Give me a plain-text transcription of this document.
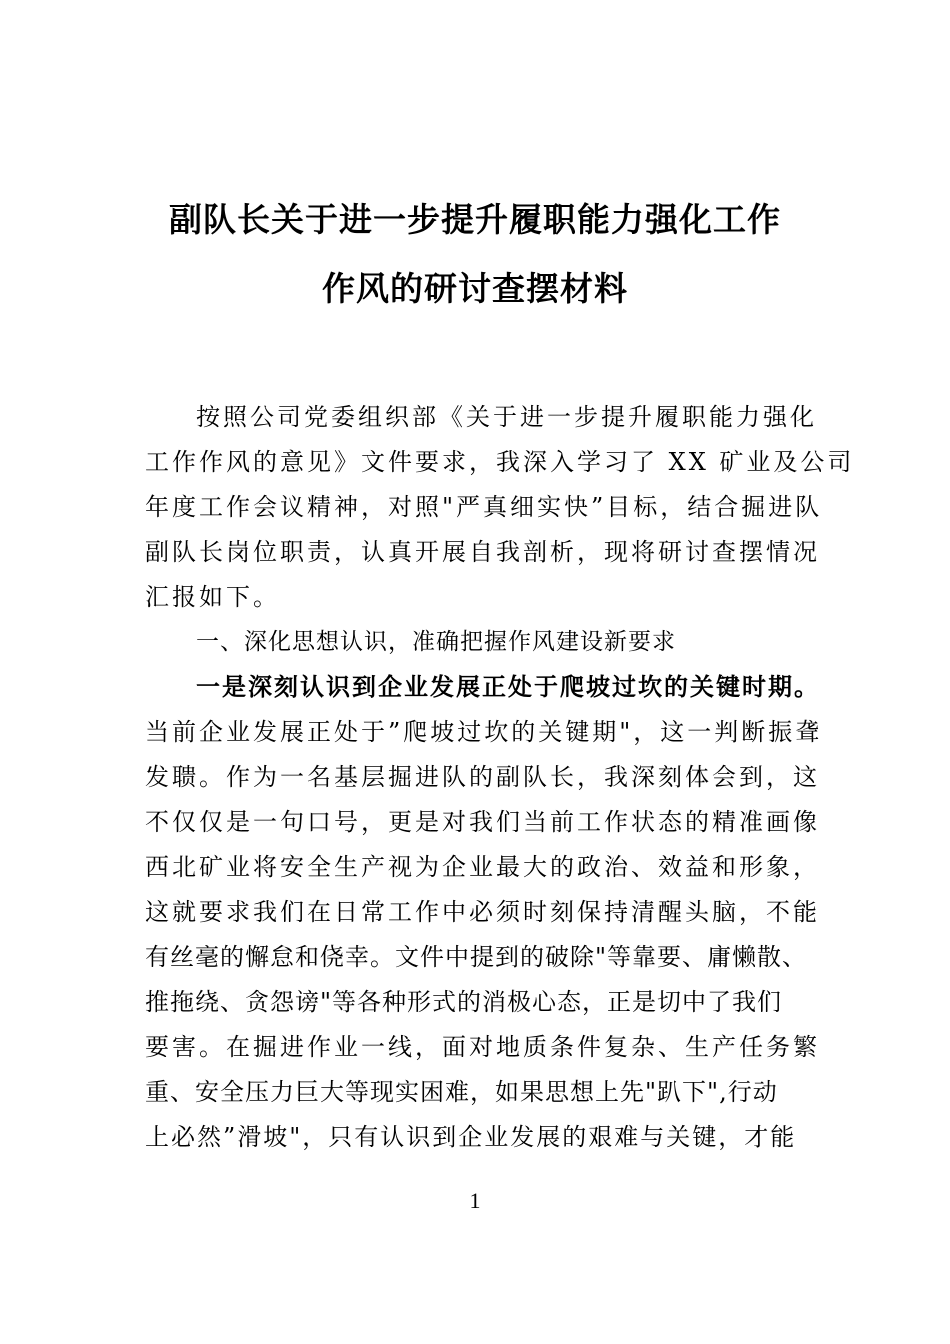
副队长关于进一步提升履职能力强化工作
作风的研讨查摆材料

按照公司党委组织部《关于进一步提升履职能力强化

工作作风的意见》文件要求，我深入学习了 XX 矿业及公司

年度工作会议精神，对照"严真细实快”目标，结合掘进队

副队长岗位职责，认真开展自我剖析，现将研讨查摆情况

汇报如下。

一、深化思想认识，准确把握作风建设新要求

一是深刻认识到企业发展正处于爬坡过坎的关键时期。

当前企业发展正处于”爬坡过坎的关键期"，这一判断振聋

发聩。作为一名基层掘进队的副队长，我深刻体会到，这

不仅仅是一句口号，更是对我们当前工作状态的精准画像

西北矿业将安全生产视为企业最大的政治、效益和形象，

这就要求我们在日常工作中必须时刻保持清醒头脑，不能

有丝毫的懈怠和侥幸。文件中提到的破除"等靠要、庸懒散、

推拖绕、贪怨谤"等各种形式的消极心态，正是切中了我们

要害。在掘进作业一线，面对地质条件复杂、生产任务繁

重、安全压力巨大等现实困难，如果思想上先"趴下",行动

上必然”滑坡"，只有认识到企业发展的艰难与关键，才能

1
